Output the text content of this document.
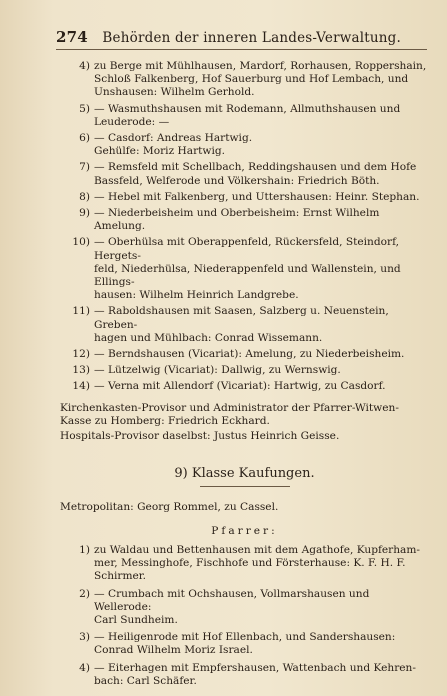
274 Behörden der inneren Landes-Verwaltung.
4) zu Berge mit Mühlhausen, Mardorf, Rorhausen, Roppershain,
Schloß Falkenberg, Hof Sauerburg und Hof Lembach, und
Unshausen: Wilhelm Gerhold.
5) — Wasmuthshausen mit Rodemann, Allmuthshausen und
Leuderode: —
6) — Casdorf: Andreas Hartwig.
Gehülfe: Moriz Hartwig.
7) — Remsfeld mit Schellbach, Reddingshausen und dem Hofe
Bassfeld, Welferode und Völkershain: Friedrich Böth.
8) — Hebel mit Falkenberg, und Uttershausen: Heinr. Stephan.
9) — Niederbeisheim und Oberbeisheim: Ernst Wilhelm
Amelung.
10) — Oberhülsa mit Oberappenfeld, Rückersfeld, Steindorf, Hergets-
feld, Niederhülsa, Niederappenfeld und Wallenstein, und Ellings-
hausen: Wilhelm Heinrich Landgrebe.
11) — Raboldshausen mit Saasen, Salzberg u. Neuenstein, Greben-
hagen und Mühlbach: Conrad Wissemann.
12) — Berndshausen (Vicariat): Amelung, zu Niederbeisheim.
13) — Lützelwig (Vicariat): Dallwig, zu Wernswig.
14) — Verna mit Allendorf (Vicariat): Hartwig, zu Casdorf.
Kirchenkasten-Provisor und Administrator der Pfarrer-Witwen-
Kasse zu Homberg: Friedrich Eckhard.
Hospitals-Provisor daselbst: Justus Heinrich Geisse.
9) Klasse Kaufungen.
Metropolitan: Georg Rommel, zu Cassel.
Pfarrer:
1) zu Waldau und Bettenhausen mit dem Agathofe, Kupferham-
mer, Messinghofe, Fischhofe und Försterhause: K. F. H. F.
Schirmer.
2) — Crumbach mit Ochshausen, Vollmarshausen und Wellerode:
Carl Sundheim.
3) — Heiligenrode mit Hof Ellenbach, und Sandershausen:
Conrad Wilhelm Moriz Israel.
4) — Eiterhagen mit Empfershausen, Wattenbach und Kehren-
bach: Carl Schäfer.
